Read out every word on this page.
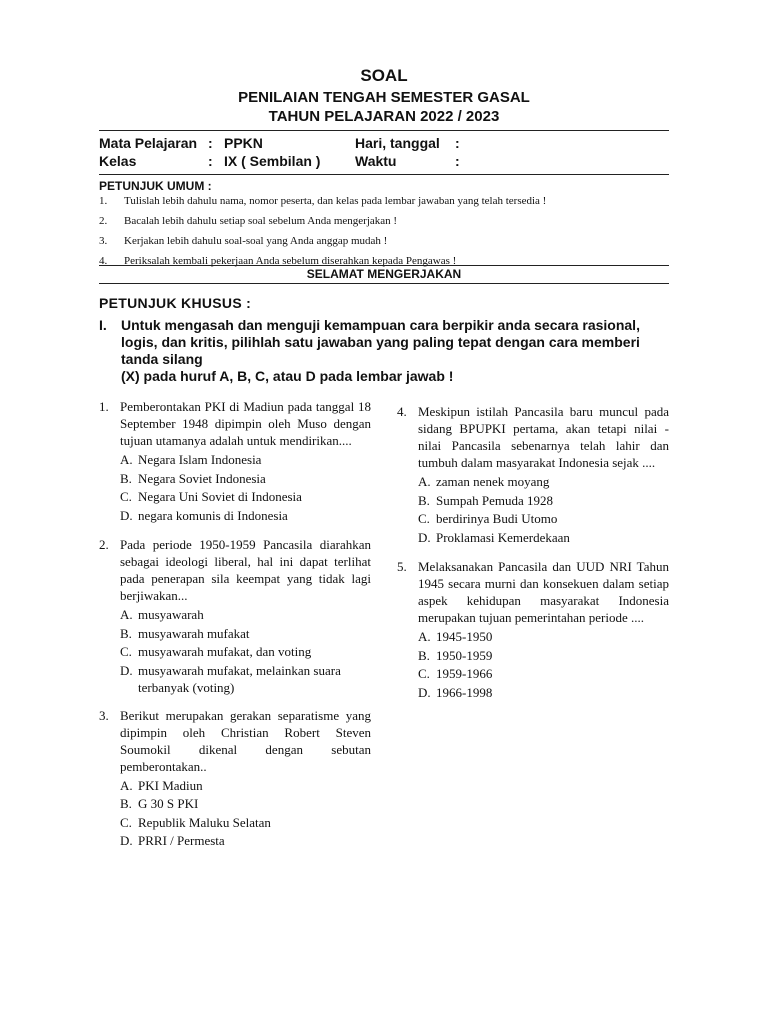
SOAL
PENILAIAN TENGAH SEMESTER GASAL
TAHUN PELAJARAN 2022 / 2023
Mata Pelajaran : PPKN	Hari, tanggal :
Kelas	: IX ( Sembilan ) Waktu	:
PETUNJUK UMUM :
1. Tulislah lebih dahulu nama, nomor peserta, dan kelas pada lembar jawaban yang telah tersedia !
2. Bacalah lebih dahulu setiap soal sebelum Anda mengerjakan !
3. Kerjakan lebih dahulu soal-soal yang Anda anggap mudah !
4. Periksalah kembali pekerjaan Anda sebelum diserahkan kepada Pengawas !
SELAMAT MENGERJAKAN
PETUNJUK KHUSUS :
I. Untuk mengasah dan menguji kemampuan cara berpikir anda secara rasional, logis, dan kritis, pilihlah satu jawaban yang paling tepat dengan cara memberi tanda silang

(X) pada huruf A, B, C, atau D pada lembar jawab !

1. Pemberontakan PKI di Madiun pada tanggal 18 September 1948 dipimpin oleh Muso dengan tujuan utamanya adalah untuk mendirikan....
A. Negara Islam Indonesia
B. Negara Soviet Indonesia
C. Negara Uni Soviet di Indonesia
D. negara komunis di Indonesia
2. Pada periode 1950-1959 Pancasila diarahkan sebagai ideologi liberal, hal ini dapat terlihat pada penerapan sila keempat yang tidak lagi berjiwakan...
A. musyawarah
B. musyawarah mufakat
C. musyawarah mufakat, dan voting
D. musyawarah mufakat, melainkan suara terbanyak (voting)
3. Berikut merupakan gerakan separatisme yang dipimpin oleh Christian Robert Steven Soumokil dikenal dengan sebutan pemberontakan..
A. PKI Madiun
B. G 30 S PKI
C. Republik Maluku Selatan
D. PRRI / Permesta
4. Meskipun istilah Pancasila baru muncul pada sidang BPUPKI pertama, akan tetapi nilai - nilai Pancasila sebenarnya telah lahir dan tumbuh dalam masyarakat Indonesia sejak ....
A. zaman nenek moyang
B. Sumpah Pemuda 1928
C. berdirinya Budi Utomo
D. Proklamasi Kemerdekaan
5. Melaksanakan Pancasila dan UUD NRI Tahun 1945 secara murni dan konsekuen dalam setiap aspek kehidupan masyarakat Indonesia merupakan tujuan pemerintahan periode ....
A. 1945-1950
B. 1950-1959
C. 1959-1966
D. 1966-1998
